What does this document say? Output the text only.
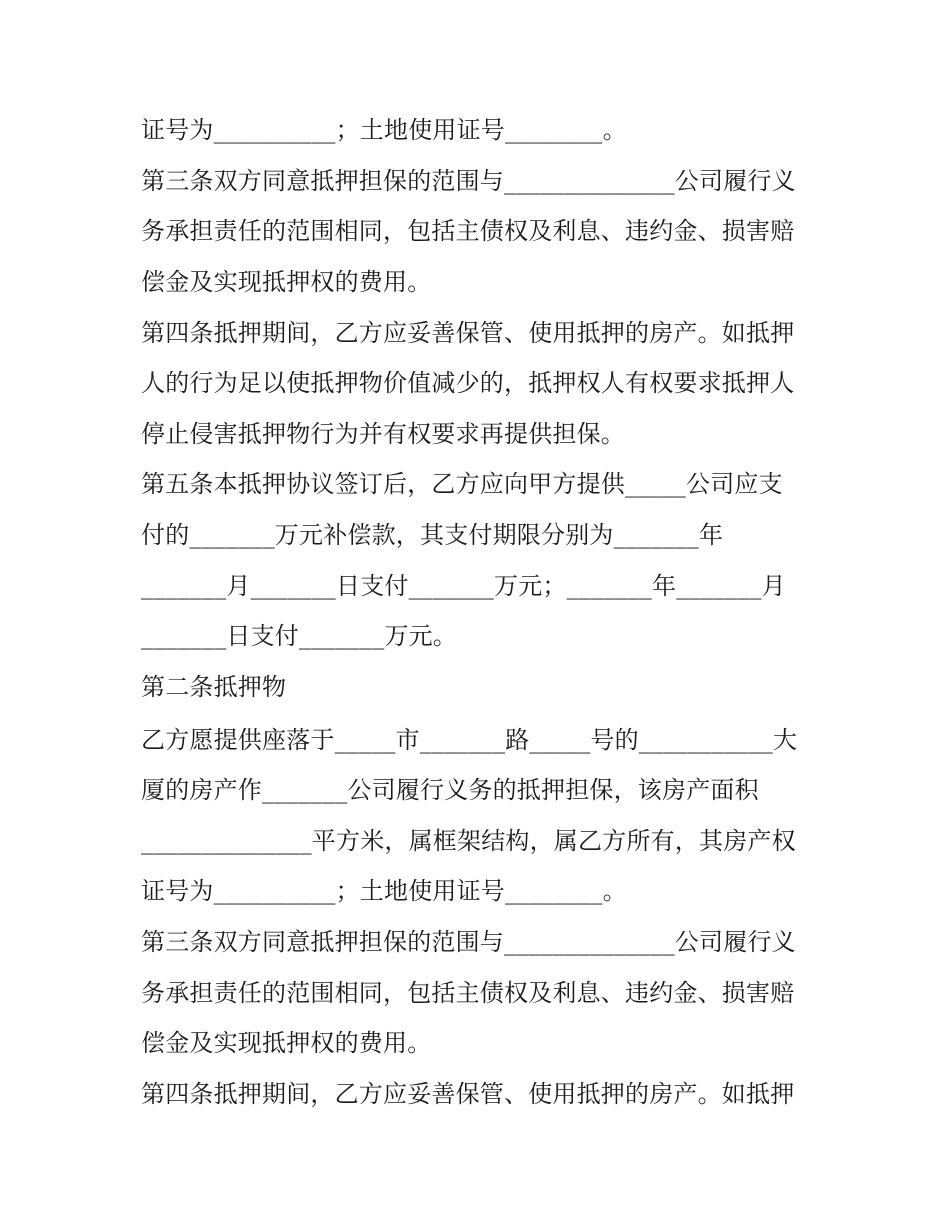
证号为__________；土地使用证号________。
第三条双方同意抵押担保的范围与______________公司履行义
务承担责任的范围相同，包括主债权及利息、违约金、损害赔
偿金及实现抵押权的费用。
第四条抵押期间，乙方应妥善保管、使用抵押的房产。如抵押
人的行为足以使抵押物价值减少的，抵押权人有权要求抵押人
停止侵害抵押物行为并有权要求再提供担保。
第五条本抵押协议签订后，乙方应向甲方提供_____公司应支
付的_______万元补偿款，其支付期限分别为_______年
_______月_______日支付_______万元；_______年_______月
_______日支付_______万元。
第二条抵押物
乙方愿提供座落于_____市_______路_____号的___________大
厦的房产作_______公司履行义务的抵押担保，该房产面积
______________平方米，属框架结构，属乙方所有，其房产权
证号为__________；土地使用证号________。
第三条双方同意抵押担保的范围与______________公司履行义
务承担责任的范围相同，包括主债权及利息、违约金、损害赔
偿金及实现抵押权的费用。
第四条抵押期间，乙方应妥善保管、使用抵押的房产。如抵押
